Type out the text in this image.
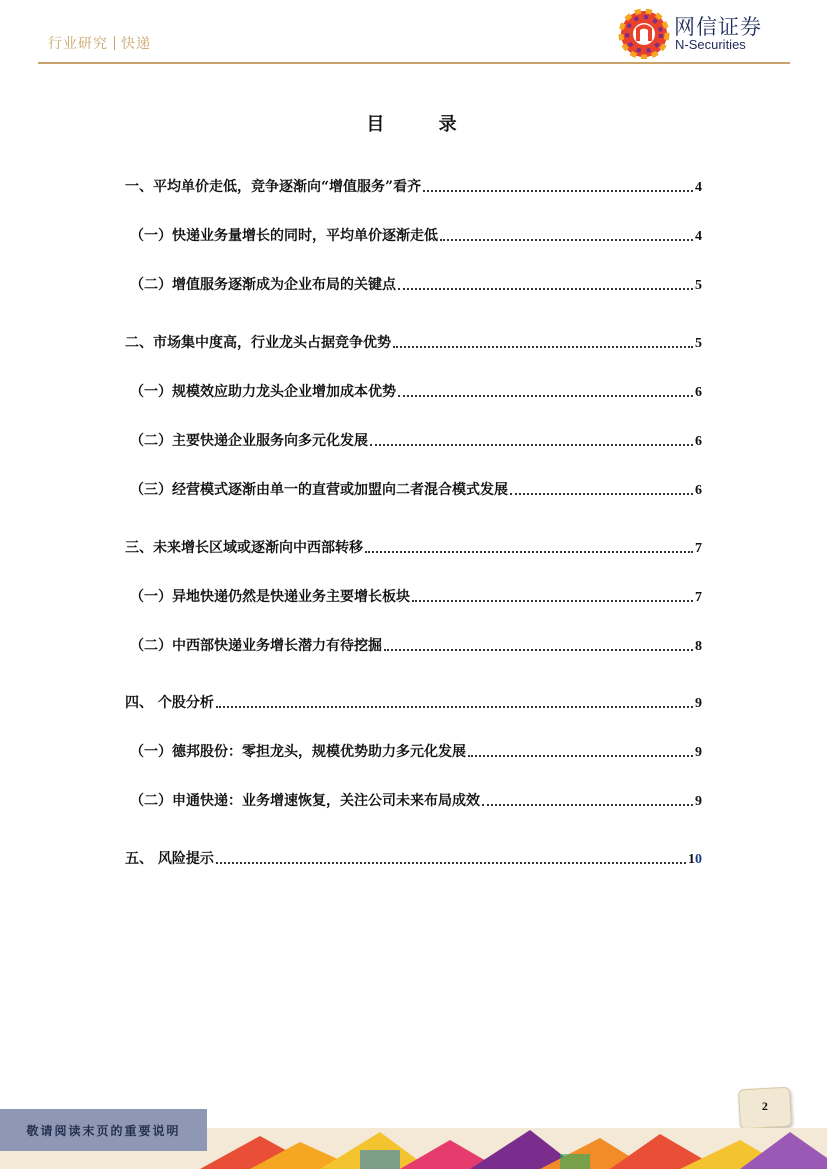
行业研究 快递
网信证券
N-Securities
目 录
一、平均单价走低，竞争逐渐向“增值服务”看齐	4
（一）快递业务量增长的同时，平均单价逐渐走低	4
（二）增值服务逐渐成为企业布局的关键点	5
二、市场集中度高，行业龙头占据竞争优势	5
（一）规模效应助力龙头企业增加成本优势	6
（二）主要快递企业服务向多元化发展	6
（三）经营模式逐渐由单一的直营或加盟向二者混合模式发展	6
三、未来增长区域或逐渐向中西部转移	7
（一）异地快递仍然是快递业务主要增长板块	7
（二）中西部快递业务增长潜力有待挖掘	8
四、 个股分析	9
（一）德邦股份：零担龙头，规模优势助力多元化发展	9
（二）申通快递：业务增速恢复，关注公司未来布局成效	9
五、 风险提示	10
2
敬请阅读末页的重要说明
